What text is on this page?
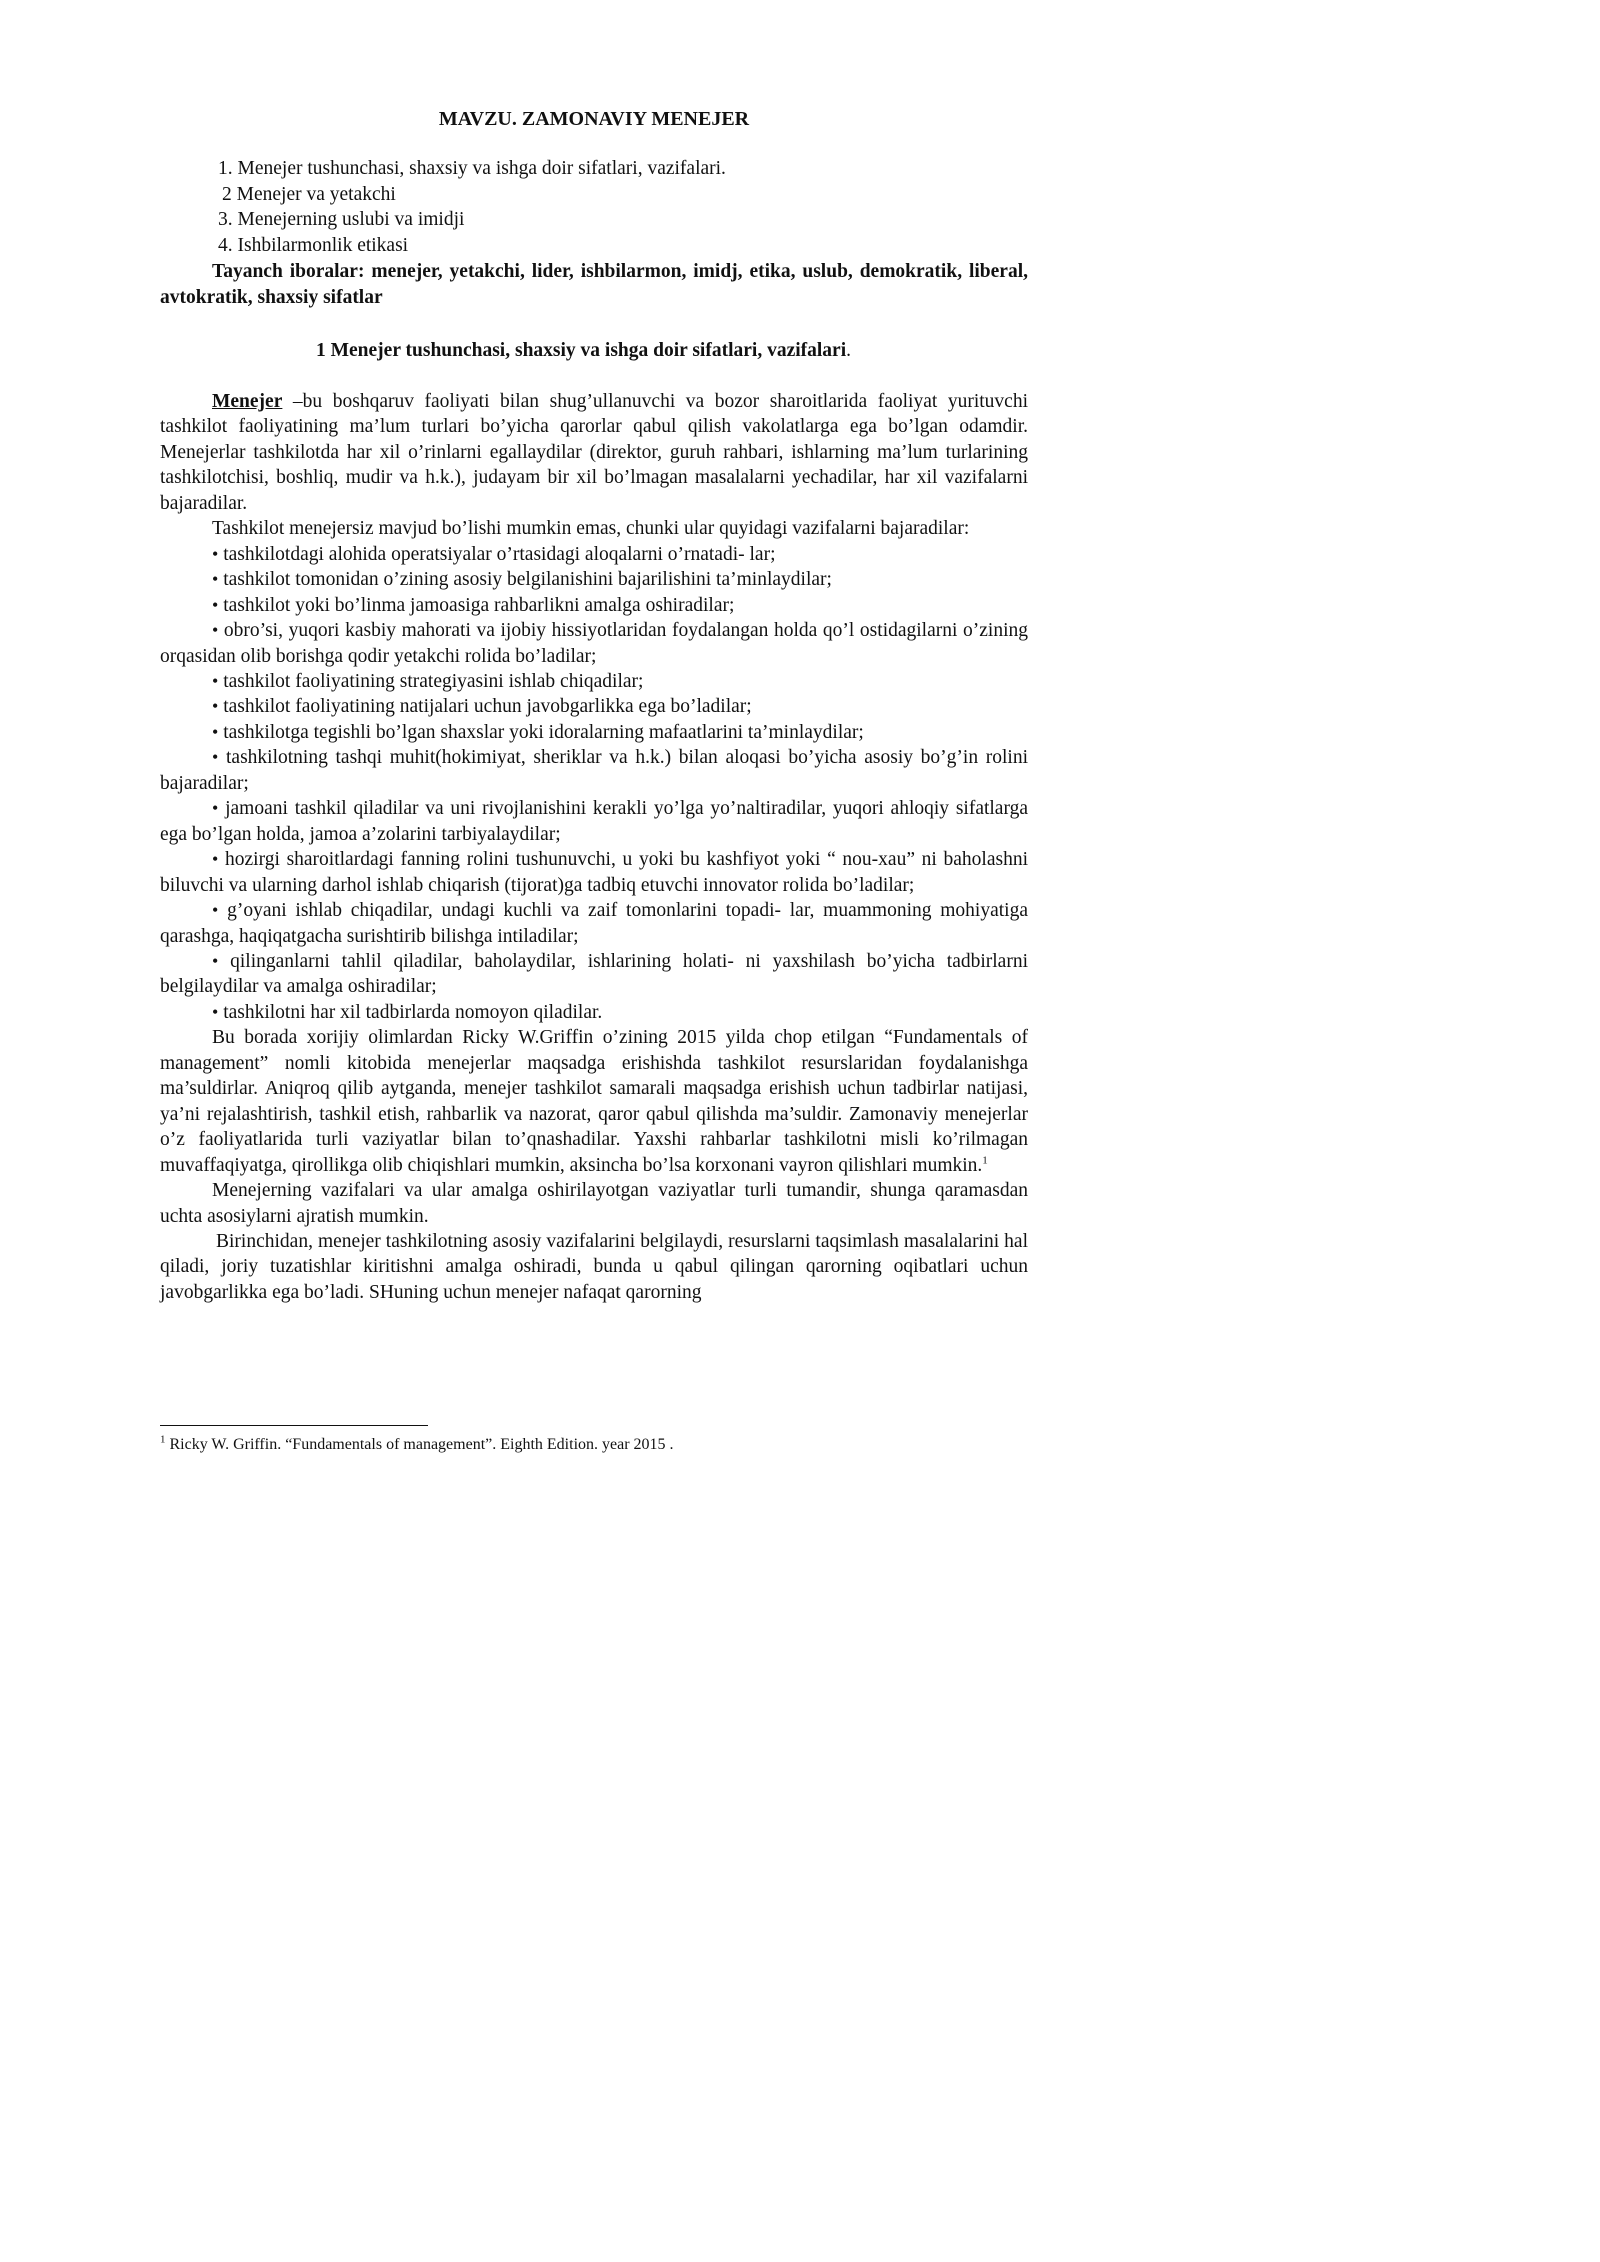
MAVZU. ZAMONAVIY MENEJER
1. Menejer tushunchasi, shaxsiy va ishga doir sifatlari, vazifalari.
2 Menejer va yetakchi
3. Menejerning uslubi va imidji
4. Ishbilarmonlik etikasi

Tayanch iboralar: menejer, yetakchi, lider, ishbilarmon, imidj, etika, uslub, demokratik, liberal, avtokratik, shaxsiy sifatlar

1 Menejer tushunchasi, shaxsiy va ishga doir sifatlari, vazifalari.

Menejer –bu boshqaruv faoliyati bilan shug’ullanuvchi va bozor sharoitlarida faoliyat yurituvchi tashkilot faoliyatining ma’lum turlari bo’yicha qarorlar qabul qilish vakolatlarga ega bo’lgan odamdir. Menejerlar tashkilotda har xil o’rinlarni egallaydilar (direktor, guruh rahbari, ishlarning ma’lum turlarining tashkilotchisi, boshliq, mudir va h.k.), judayam bir xil bo’lmagan masalalarni yechadilar, har xil vazifalarni bajaradilar.

Tashkilot menejersiz mavjud bo’lishi mumkin emas, chunki ular quyidagi vazifalarni bajaradilar:

• tashkilotdagi alohida operatsiyalar o’rtasidagi aloqalarni o’rnatadi- lar;

• tashkilot tomonidan o’zining asosiy belgilanishini bajarilishini ta’minlaydilar;

• tashkilot yoki bo’linma jamoasiga rahbarlikni amalga oshiradilar;

• obro’si, yuqori kasbiy mahorati va ijobiy hissiyotlaridan foydalangan holda qo’l ostidagilarni o’zining orqasidan olib borishga qodir yetakchi rolida bo’ladilar;

• tashkilot faoliyatining strategiyasini ishlab chiqadilar;

• tashkilot faoliyatining natijalari uchun javobgarlikka ega bo’ladilar;

• tashkilotga tegishli bo’lgan shaxslar yoki idoralarning mafaatlarini ta’minlaydilar;

• tashkilotning tashqi muhit(hokimiyat, sheriklar va h.k.) bilan aloqasi bo’yicha asosiy bo’g’in rolini bajaradilar;

• jamoani tashkil qiladilar va uni rivojlanishini kerakli yo’lga yo’naltiradilar, yuqori ahloqiy sifatlarga ega bo’lgan holda, jamoa a’zolarini tarbiyalaydilar;

• hozirgi sharoitlardagi fanning rolini tushunuvchi, u yoki bu kashfiyot yoki “ nou-xau” ni baholashni biluvchi va ularning darhol ishlab chiqarish (tijorat)ga tadbiq etuvchi innovator rolida bo’ladilar;

• g’oyani ishlab chiqadilar, undagi kuchli va zaif tomonlarini topadi- lar, muammoning mohiyatiga qarashga, haqiqatgacha surishtirib bilishga intiladilar;

• qilinganlarni tahlil qiladilar, baholaydilar, ishlarining holati- ni yaxshilash bo’yicha tadbirlarni belgilaydilar va amalga oshiradilar;

• tashkilotni har xil tadbirlarda nomoyon qiladilar.

Bu borada xorijiy olimlardan Ricky W.Griffin o’zining 2015 yilda chop etilgan “Fundamentals of management” nomli kitobida menejerlar maqsadga erishishda tashkilot resurslaridan foydalanishga ma’suldirlar. Aniqroq qilib aytganda, menejer tashkilot samarali maqsadga erishish uchun tadbirlar natijasi, ya’ni rejalashtirish, tashkil etish, rahbarlik va nazorat, qaror qabul qilishda ma’suldir. Zamonaviy menejerlar o’z faoliyatlarida turli vaziyatlar bilan to’qnashadilar. Yaxshi rahbarlar tashkilotni misli ko’rilmagan muvaffaqiyatga, qirollikga olib chiqishlari mumkin, aksincha bo’lsa korxonani vayron qilishlari mumkin.$^1$

Menejerning vazifalari va ular amalga oshirilayotgan vaziyatlar turli tumandir, shunga qaramasdan uchta asosiylarni ajratish mumkin.

Birinchidan, menejer tashkilotning asosiy vazifalarini belgilaydi, resurslarni taqsimlash masalalarini hal qiladi, joriy tuzatishlar kiritishni amalga oshiradi, bunda u qabul qilingan qarorning oqibatlari uchun javobgarlikka ega bo’ladi. SHuning uchun menejer nafaqat qarorning

$^1$ Ricky W. Griffin. “Fundamentals of management”. Eighth Edition. year 2015 .
